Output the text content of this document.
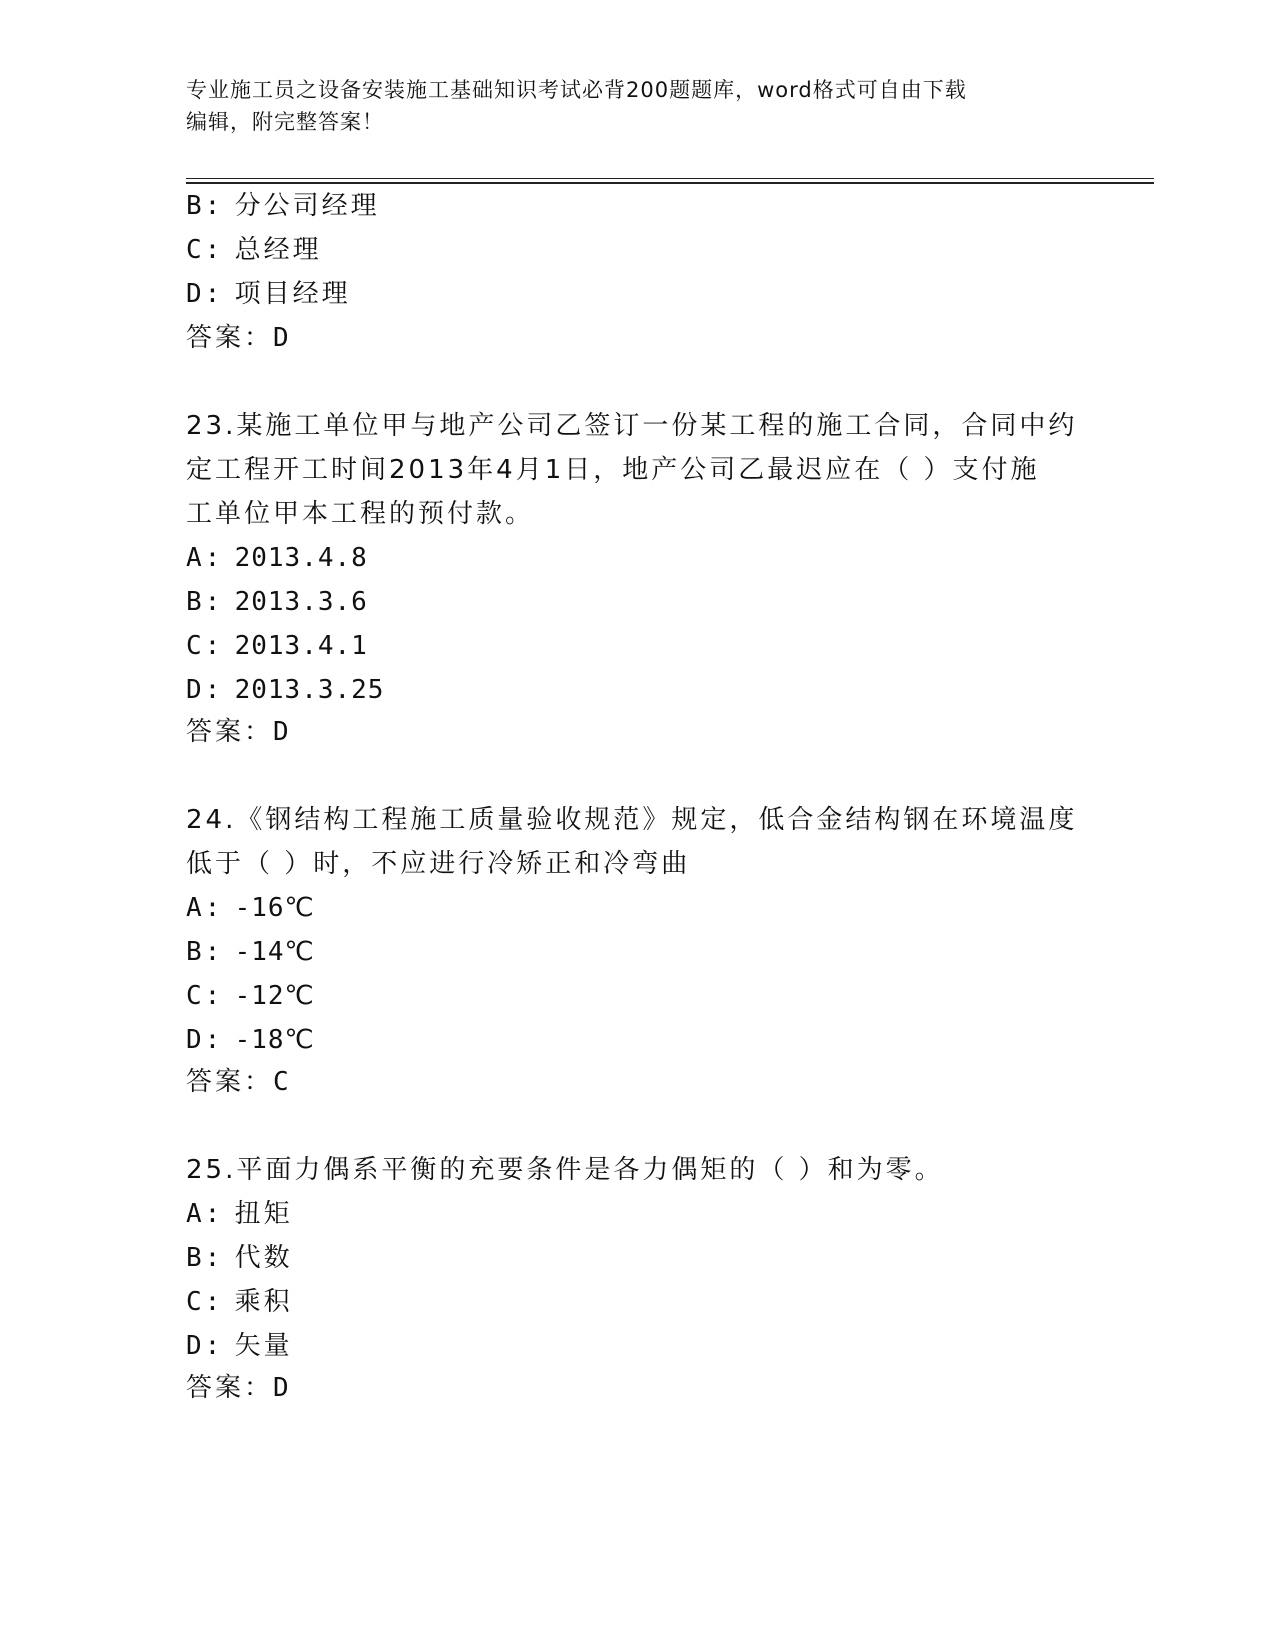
专业施工员之设备安装施工基础知识考试必背200题题库，word格式可自由下载
编辑，附完整答案！
B: 分公司经理
C: 总经理
D: 项目经理
答案：D
23.某施工单位甲与地产公司乙签订一份某工程的施工合同，合同中约
定工程开工时间2013年4月1日，地产公司乙最迟应在（ ）支付施
工单位甲本工程的预付款。
A: 2013.4.8
B: 2013.3.6
C: 2013.4.1
D: 2013.3.25
答案：D
24.《钢结构工程施工质量验收规范》规定，低合金结构钢在环境温度
低于（ ）时，不应进行冷矫正和冷弯曲
A: -16℃
B: -14℃
C: -12℃
D: -18℃
答案：C
25.平面力偶系平衡的充要条件是各力偶矩的（ ）和为零。
A: 扭矩
B: 代数
C: 乘积
D: 矢量
答案：D
